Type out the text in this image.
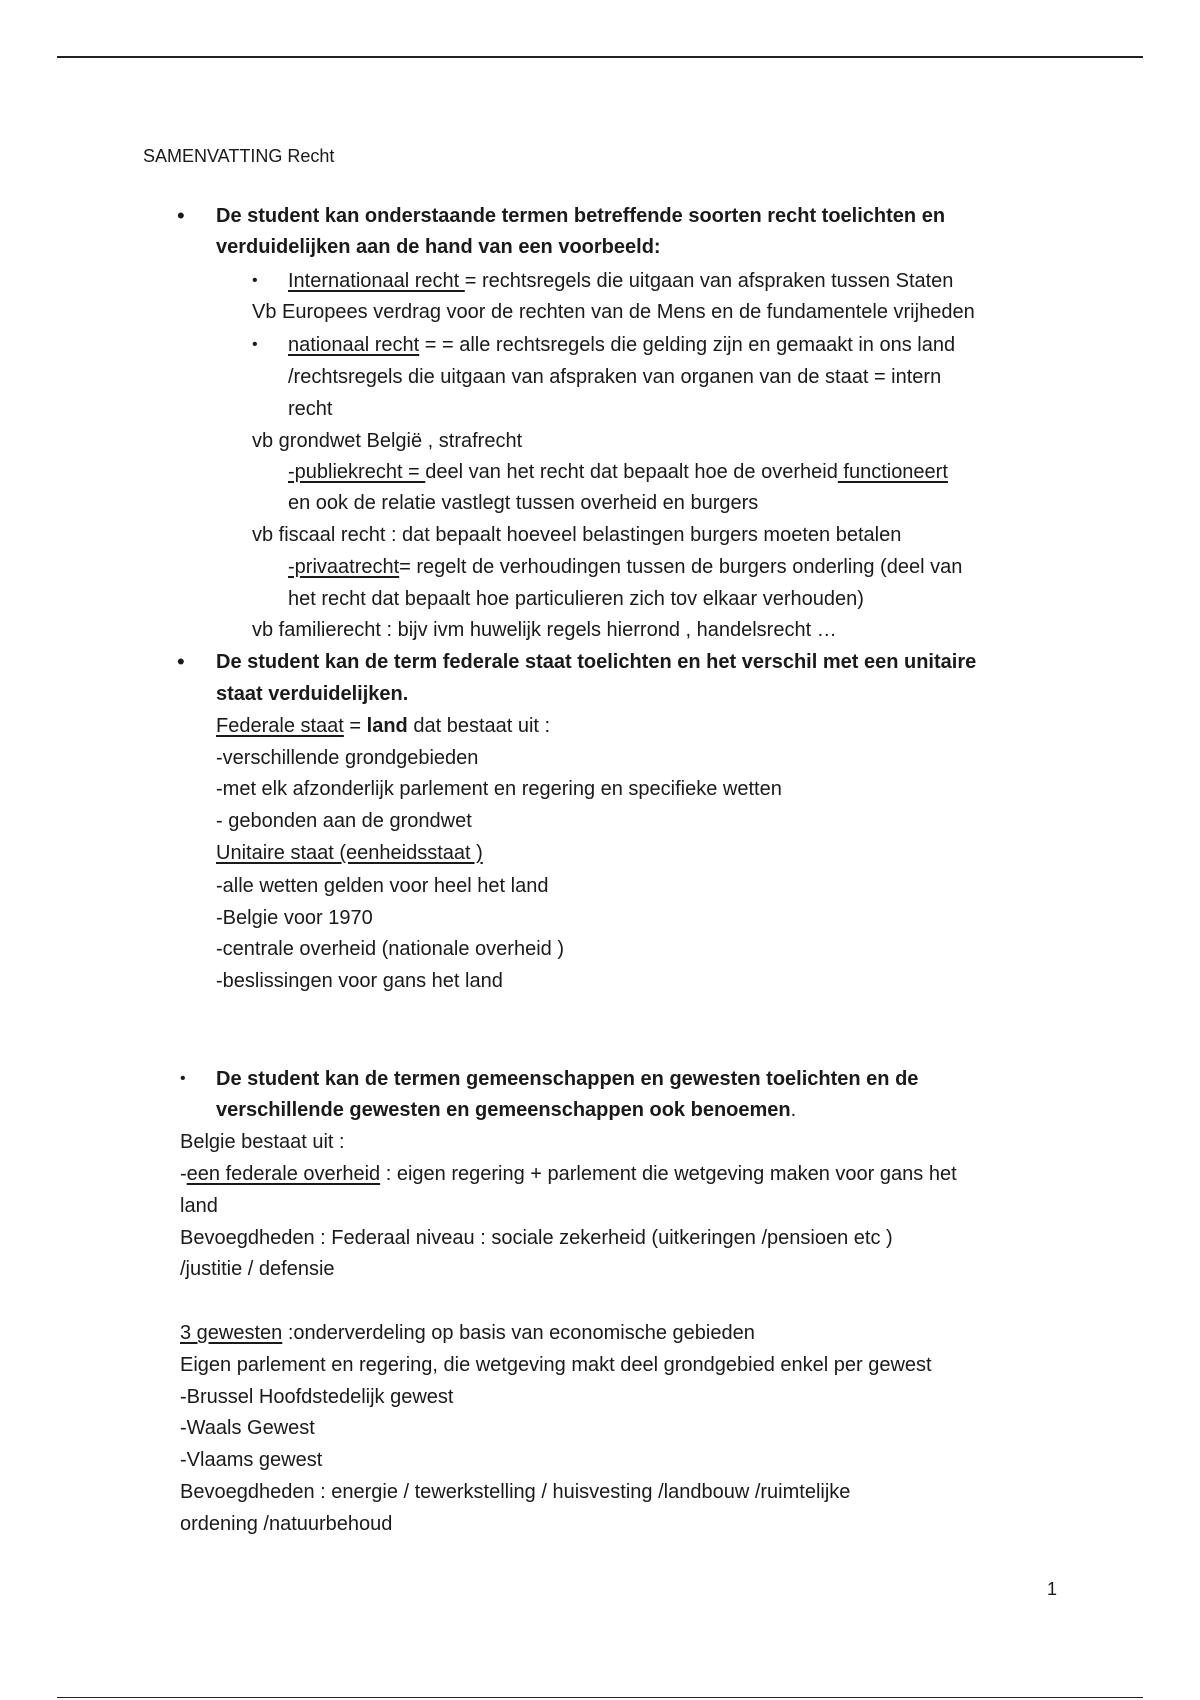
SAMENVATTING Recht
• De student kan onderstaande termen betreffende soorten recht toelichten en
verduidelijken aan de hand van een voorbeeld:
• Internationaal recht = rechtsregels die uitgaan van afspraken tussen Staten
Vb Europees verdrag voor de rechten van de Mens en de fundamentele vrijheden
• nationaal recht = = alle rechtsregels die gelding zijn en gemaakt in ons land
/rechtsregels die uitgaan van afspraken van organen van de staat = intern
recht
vb grondwet België , strafrecht
-publiekrecht = deel van het recht dat bepaalt hoe de overheid functioneert
en ook de relatie vastlegt tussen overheid en burgers
vb fiscaal recht : dat bepaalt hoeveel belastingen burgers moeten betalen
-privaatrecht= regelt de verhoudingen tussen de burgers onderling (deel van
het recht dat bepaalt hoe particulieren zich tov elkaar verhouden)
vb familierecht : bijv ivm huwelijk regels hierrond , handelsrecht …
• De student kan de term federale staat toelichten en het verschil met een unitaire
staat verduidelijken.
Federale staat = land dat bestaat uit :
-verschillende grondgebieden
-met elk afzonderlijk parlement en regering en specifieke wetten
- gebonden aan de grondwet
Unitaire staat (eenheidsstaat )
-alle wetten gelden voor heel het land
-Belgie voor 1970
-centrale overheid (nationale overheid )
-beslissingen voor gans het land
• De student kan de termen gemeenschappen en gewesten toelichten en de
verschillende gewesten en gemeenschappen ook benoemen.
Belgie bestaat uit :
-een federale overheid : eigen regering + parlement die wetgeving maken voor gans het
land
Bevoegdheden : Federaal niveau : sociale zekerheid (uitkeringen /pensioen etc )
/justitie / defensie
3 gewesten :onderverdeling op basis van economische gebieden
Eigen parlement en regering, die wetgeving makt deel grondgebied enkel per gewest
-Brussel Hoofdstedelijk gewest
-Waals Gewest
-Vlaams gewest
Bevoegdheden : energie / tewerkstelling / huisvesting /landbouw /ruimtelijke
ordening /natuurbehoud
1
